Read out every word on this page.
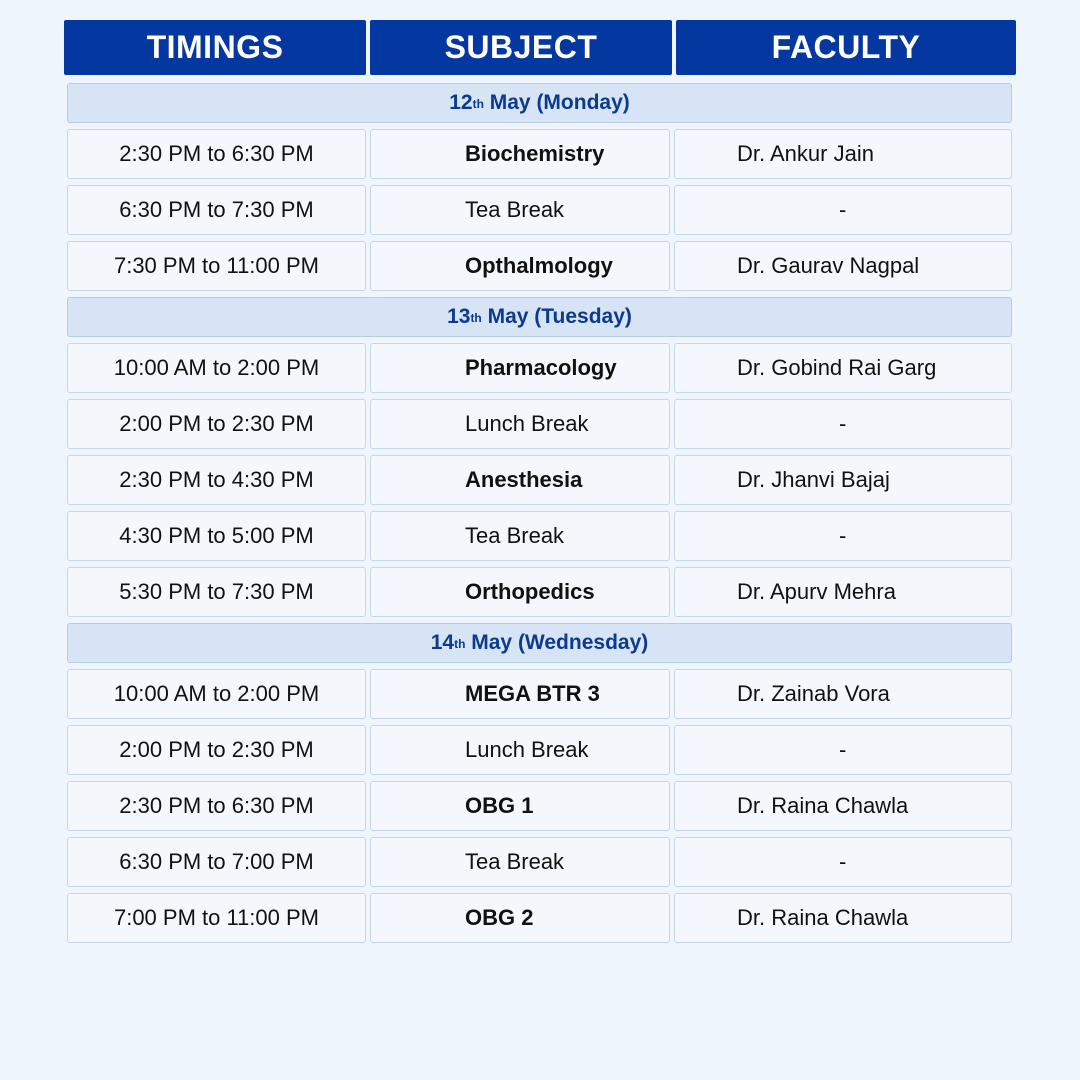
TIMINGS	SUBJECT	FACULTY
12th May (Monday)
2:30 PM to 6:30 PM	Biochemistry	Dr. Ankur Jain
6:30 PM to 7:30 PM	Tea Break	-
7:30 PM to 11:00 PM	Opthalmology	Dr. Gaurav Nagpal
13th May (Tuesday)
10:00 AM to 2:00 PM	Pharmacology	Dr. Gobind Rai Garg
2:00 PM to 2:30 PM	Lunch Break	-
2:30 PM to 4:30 PM	Anesthesia	Dr. Jhanvi Bajaj
4:30 PM to 5:00 PM	Tea Break	-
5:30 PM to 7:30 PM	Orthopedics	Dr. Apurv Mehra
14th May (Wednesday)
10:00 AM to 2:00 PM	MEGA BTR 3	Dr. Zainab Vora
2:00 PM to 2:30 PM	Lunch Break	-
2:30 PM to 6:30 PM	OBG 1	Dr. Raina Chawla
6:30 PM to 7:00 PM	Tea Break	-
7:00 PM to 11:00 PM	OBG 2	Dr. Raina Chawla
